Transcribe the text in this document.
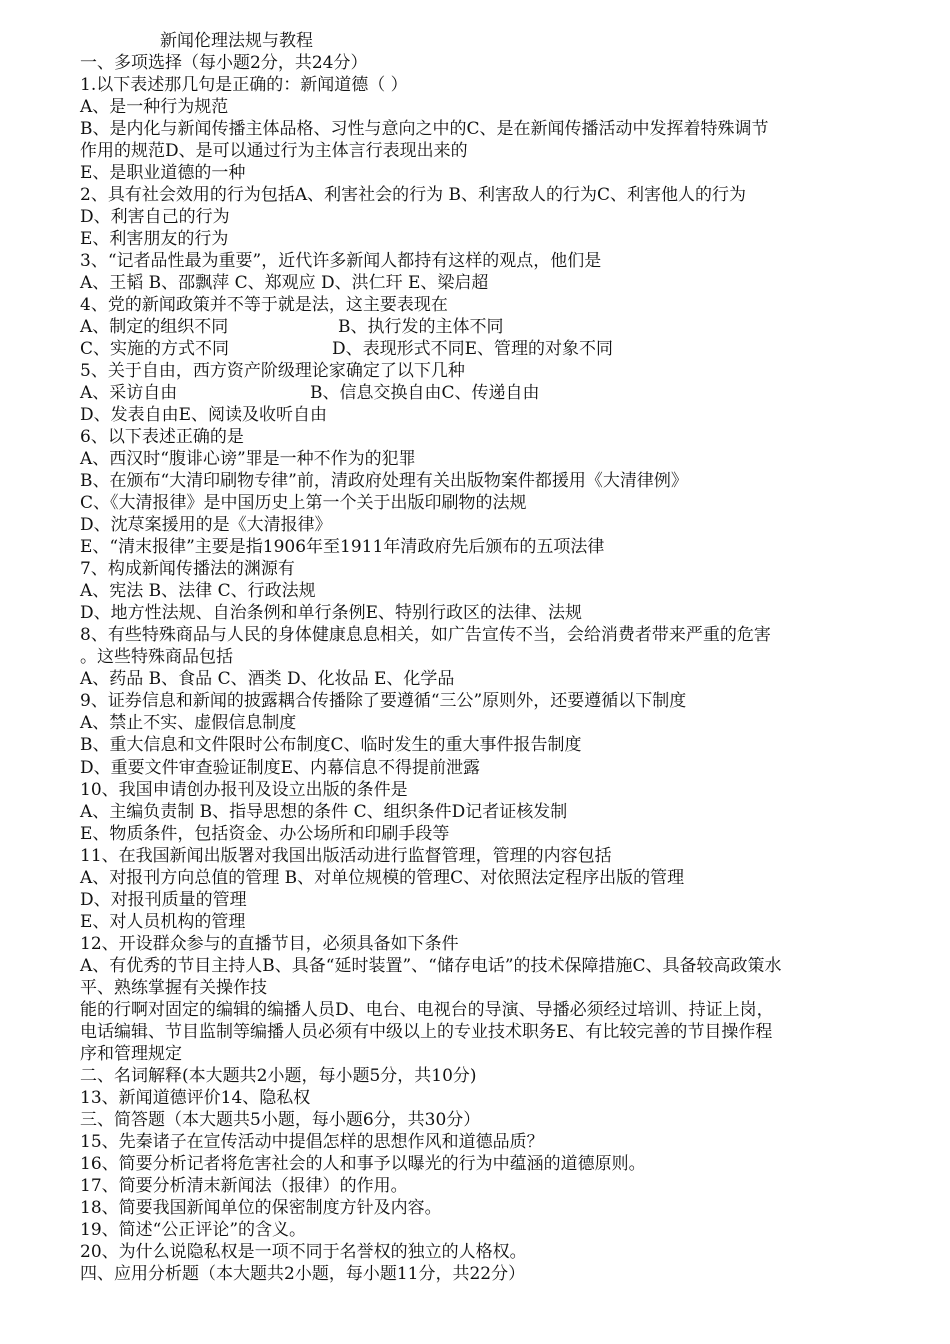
新闻伦理法规与教程
一、多项选择（每小题2分，共24分）
1.以下表述那几句是正确的：新闻道德（ ）
A、是一种行为规范
B、是内化与新闻传播主体品格、习性与意向之中的C、是在新闻传播活动中发挥着特殊调节
作用的规范D、是可以通过行为主体言行表现出来的
E、是职业道德的一种
2、具有社会效用的行为包括A、利害社会的行为 B、利害敌人的行为C、利害他人的行为
D、利害自己的行为
E、利害朋友的行为
3、“记者品性最为重要”，近代许多新闻人都持有这样的观点，他们是
A、王韬 B、邵飘萍 C、郑观应 D、洪仁玕 E、梁启超
4、党的新闻政策并不等于就是法，这主要表现在
A、制定的组织不同	B、执行发的主体不同
C、实施的方式不同	D、表现形式不同E、管理的对象不同
5、关于自由，西方资产阶级理论家确定了以下几种
A、采访自由	B、信息交换自由C、传递自由
D、发表自由E、阅读及收听自由
6、以下表述正确的是
A、西汉时“腹诽心谤”罪是一种不作为的犯罪
B、在颁布“大清印刷物专律”前，清政府处理有关出版物案件都援用《大清律例》
C、《大清报律》是中国历史上第一个关于出版印刷物的法规
D、沈荩案援用的是《大清报律》
E、“清末报律”主要是指1906年至1911年清政府先后颁布的五项法律
7、构成新闻传播法的渊源有
A、宪法 B、法律 C、行政法规
D、地方性法规、自治条例和单行条例E、特别行政区的法律、法规
8、有些特殊商品与人民的身体健康息息相关，如广告宣传不当，会给消费者带来严重的危害
。这些特殊商品包括
A、药品 B、食品 C、酒类 D、化妆品 E、化学品
9、证券信息和新闻的披露耦合传播除了要遵循“三公”原则外，还要遵循以下制度
A、禁止不实、虚假信息制度
B、重大信息和文件限时公布制度C、临时发生的重大事件报告制度
D、重要文件审查验证制度E、内幕信息不得提前泄露
10、我国申请创办报刊及设立出版的条件是
A、主编负责制 B、指导思想的条件 C、组织条件D记者证核发制
E、物质条件，包括资金、办公场所和印刷手段等
11、在我国新闻出版署对我国出版活动进行监督管理，管理的内容包括
A、对报刊方向总值的管理 B、对单位规模的管理C、对依照法定程序出版的管理
D、对报刊质量的管理
E、对人员机构的管理
12、开设群众参与的直播节目，必须具备如下条件
A、有优秀的节目主持人B、具备“延时装置”、“储存电话”的技术保障措施C、具备较高政策水
平、熟练掌握有关操作技
能的行啊对固定的编辑的编播人员D、电台、电视台的导演、导播必须经过培训、持证上岗，
电话编辑、节目监制等编播人员必须有中级以上的专业技术职务E、有比较完善的节目操作程
序和管理规定
二、名词解释(本大题共2小题，每小题5分，共10分)
13、新闻道德评价14、隐私权
三、简答题（本大题共5小题，每小题6分，共30分）
15、先秦诸子在宣传活动中提倡怎样的思想作风和道德品质？
16、简要分析记者将危害社会的人和事予以曝光的行为中蕴涵的道德原则。
17、简要分析清末新闻法（报律）的作用。
18、简要我国新闻单位的保密制度方针及内容。
19、简述“公正评论”的含义。
20、为什么说隐私权是一项不同于名誉权的独立的人格权。
四、应用分析题（本大题共2小题，每小题11分，共22分）
